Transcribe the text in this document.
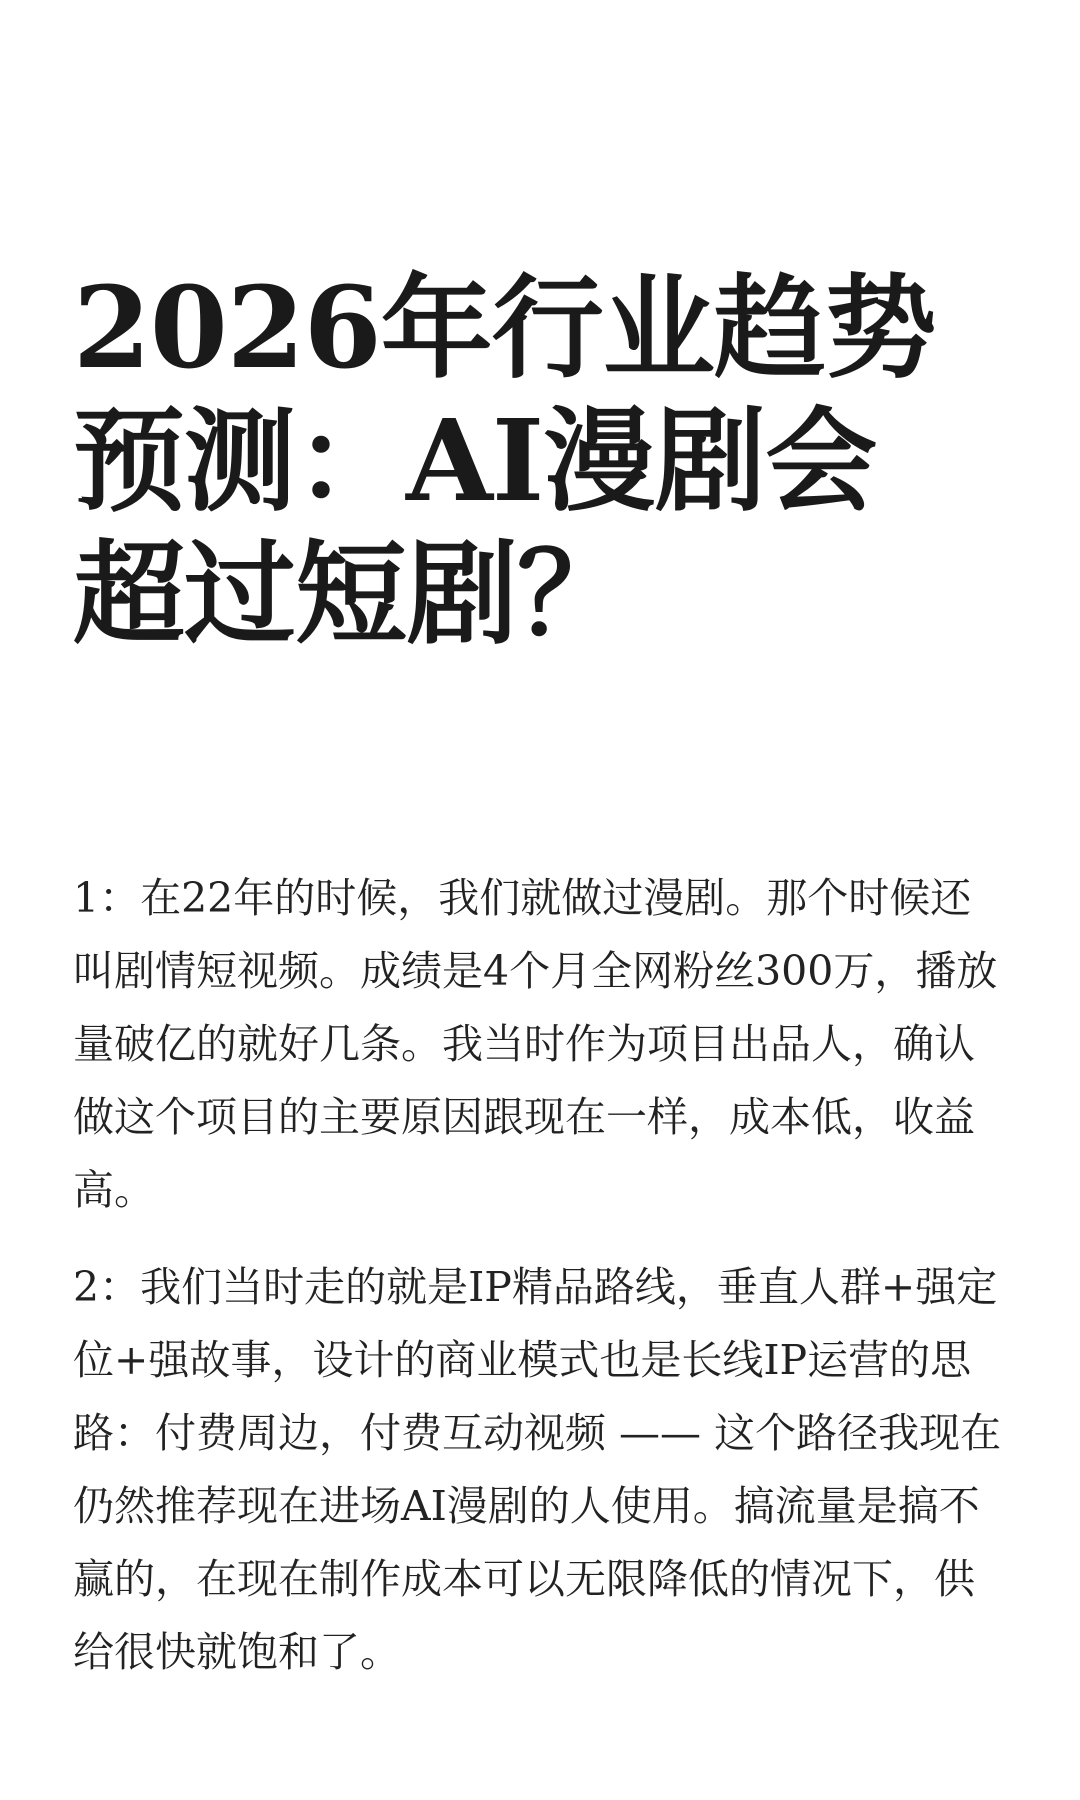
2026年行业趋势
预测：AI漫剧会
超过短剧？

1：在22年的时候，我们就做过漫剧。那个时候还
叫剧情短视频。成绩是4个月全网粉丝300万，播放
量破亿的就好几条。我当时作为项目出品人，确认
做这个项目的主要原因跟现在一样，成本低，收益
高。

2：我们当时走的就是IP精品路线，垂直人群+强定
位+强故事，设计的商业模式也是长线IP运营的思
路：付费周边，付费互动视频 —— 这个路径我现在
仍然推荐现在进场AI漫剧的人使用。搞流量是搞不
赢的，在现在制作成本可以无限降低的情况下，供
给很快就饱和了。
